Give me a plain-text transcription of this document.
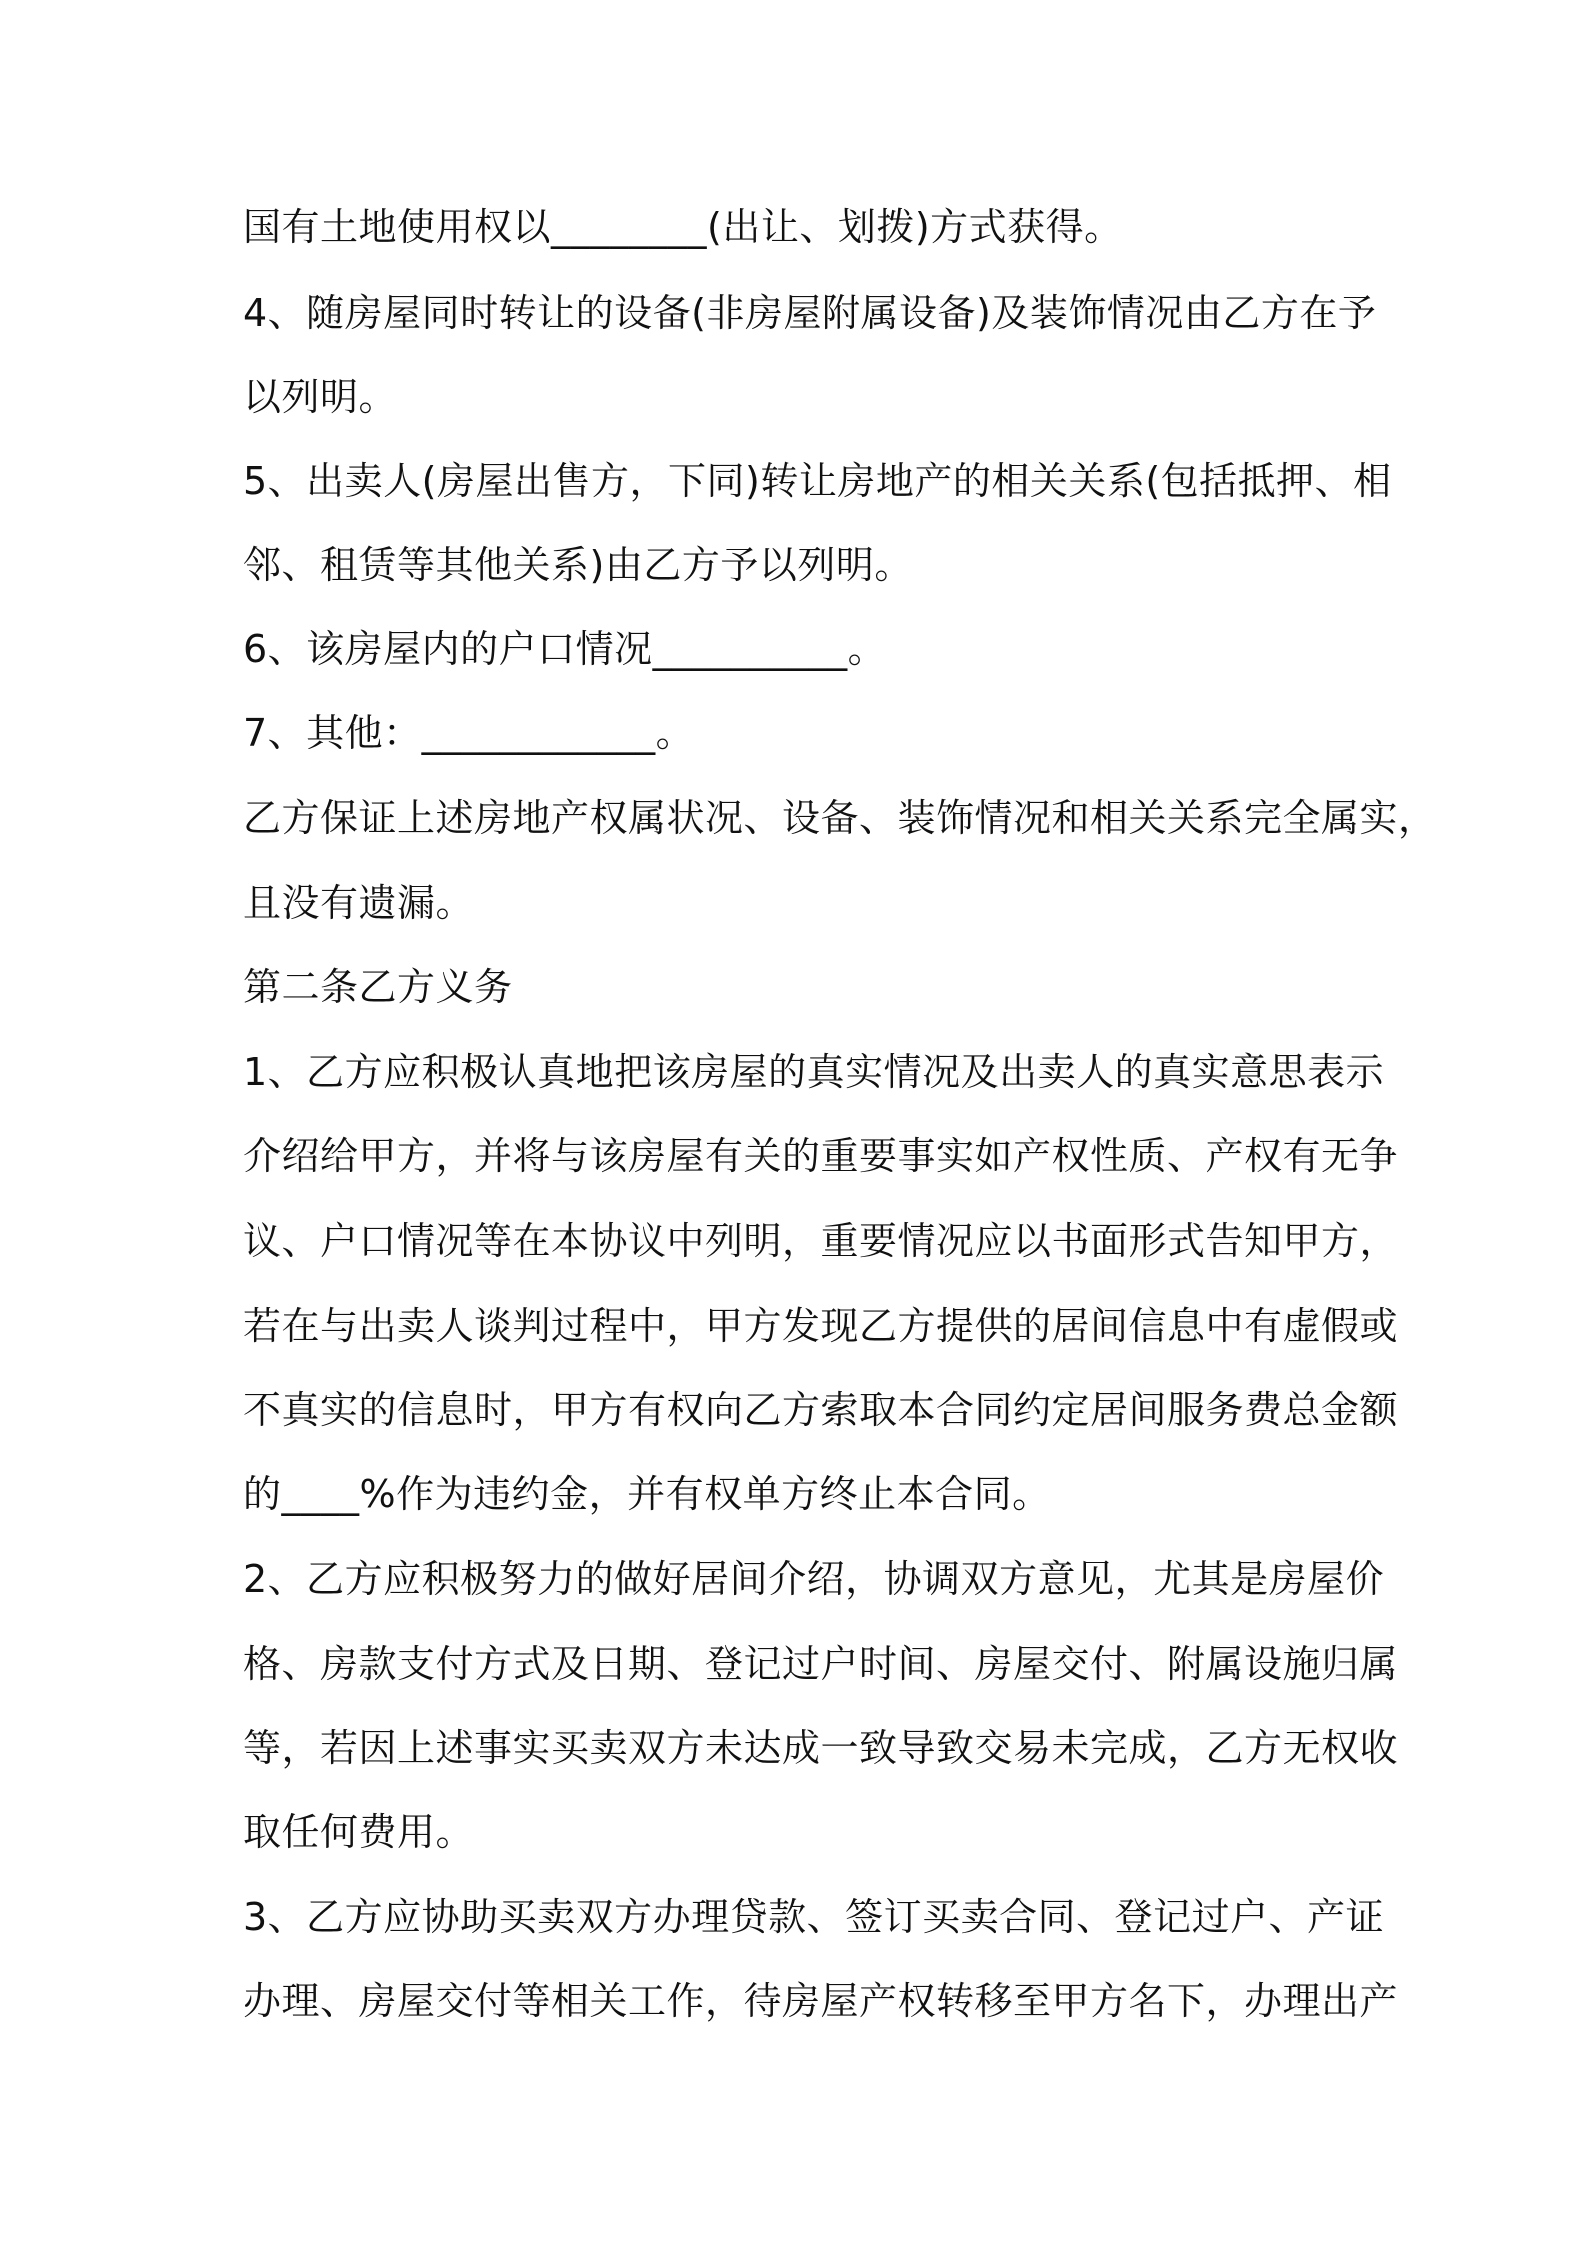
国有土地使用权以________(出让、划拨)方式获得。
4、随房屋同时转让的设备(非房屋附属设备)及装饰情况由乙方在予
以列明。
5、出卖人(房屋出售方，下同)转让房地产的相关关系(包括抵押、相
邻、租赁等其他关系)由乙方予以列明。
6、该房屋内的户口情况__________。
7、其他：____________。
乙方保证上述房地产权属状况、设备、装饰情况和相关关系完全属实，
且没有遗漏。
第二条乙方义务
1、乙方应积极认真地把该房屋的真实情况及出卖人的真实意思表示
介绍给甲方，并将与该房屋有关的重要事实如产权性质、产权有无争
议、户口情况等在本协议中列明，重要情况应以书面形式告知甲方，
若在与出卖人谈判过程中，甲方发现乙方提供的居间信息中有虚假或
不真实的信息时，甲方有权向乙方索取本合同约定居间服务费总金额
的____%作为违约金，并有权单方终止本合同。
2、乙方应积极努力的做好居间介绍，协调双方意见，尤其是房屋价
格、房款支付方式及日期、登记过户时间、房屋交付、附属设施归属
等，若因上述事实买卖双方未达成一致导致交易未完成，乙方无权收
取任何费用。
3、乙方应协助买卖双方办理贷款、签订买卖合同、登记过户、产证
办理、房屋交付等相关工作，待房屋产权转移至甲方名下，办理出产
